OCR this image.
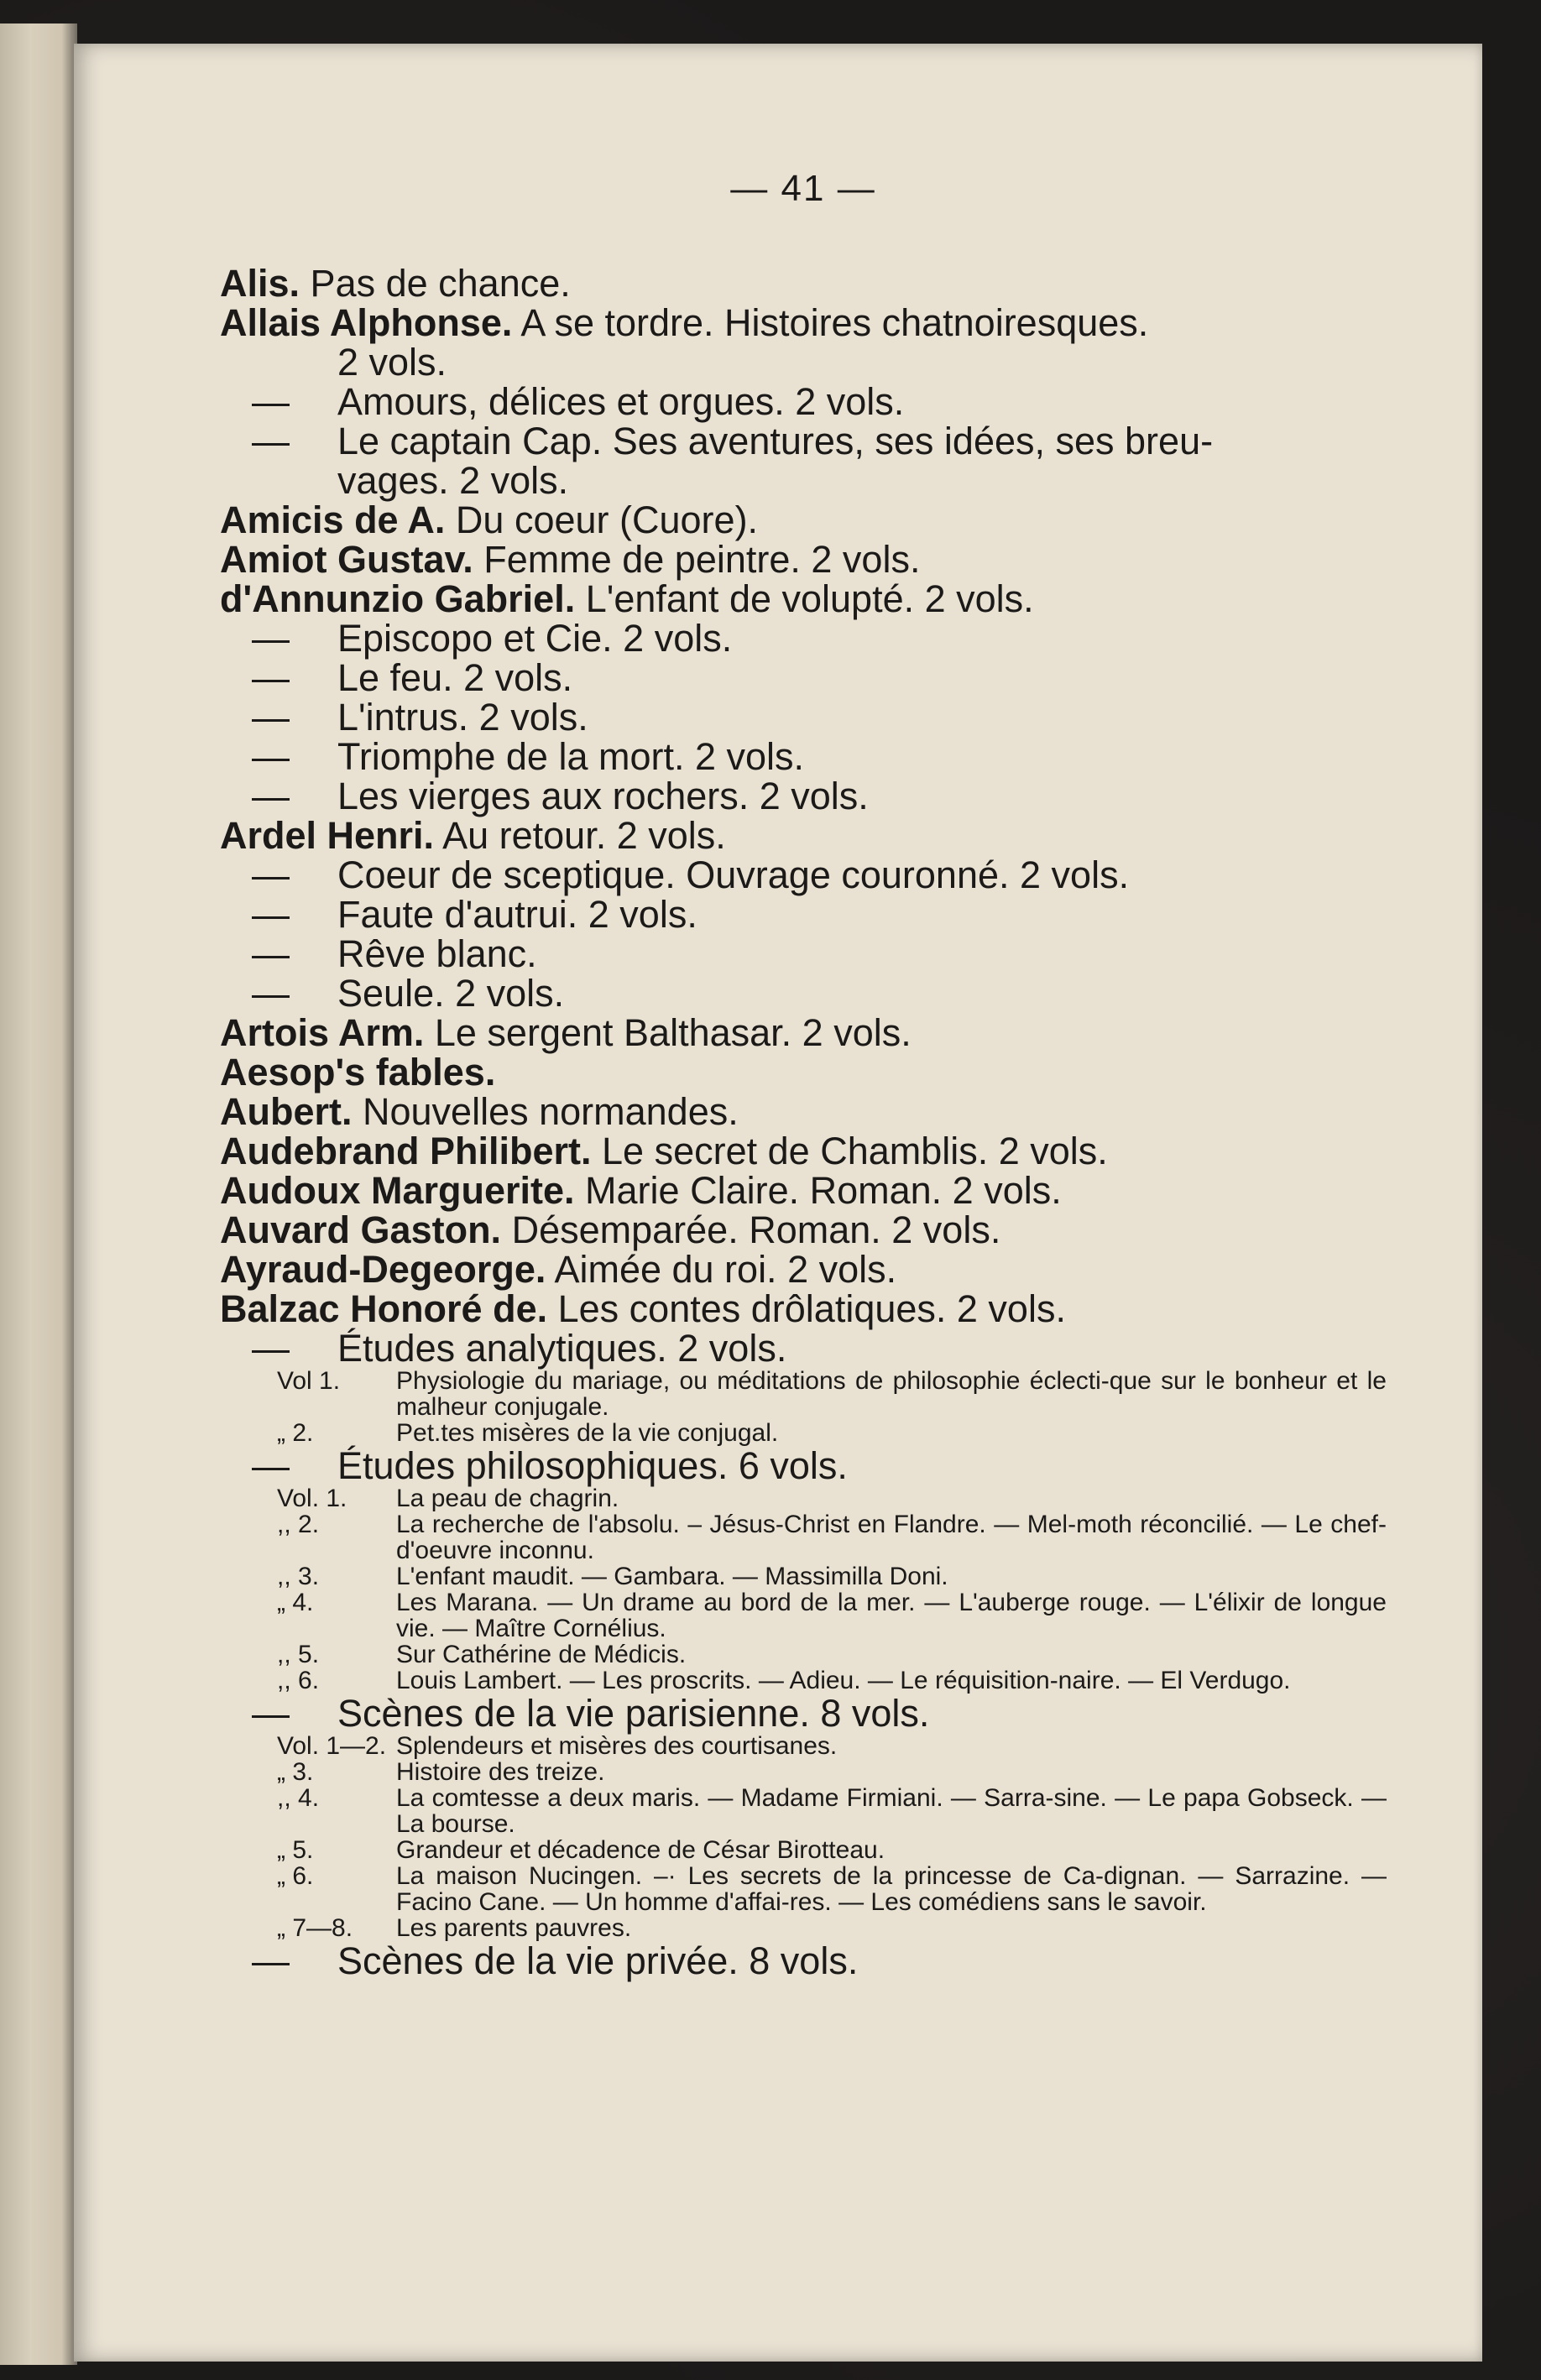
— 41 —

Alis. Pas de chance.

Allais Alphonse. A se tordre. Histoires chatnoiresques.

2 vols.

— Amours, délices et orgues. 2 vols.

— Le captain Cap. Ses aventures, ses idées, ses breu-

vages. 2 vols.

Amicis de A. Du coeur (Cuore).

Amiot Gustav. Femme de peintre. 2 vols.

d'Annunzio Gabriel. L'enfant de volupté. 2 vols.

— Episcopo et Cie. 2 vols.

— Le feu. 2 vols.

— L'intrus. 2 vols.

— Triomphe de la mort. 2 vols.

— Les vierges aux rochers. 2 vols.

Ardel Henri. Au retour. 2 vols.

— Coeur de sceptique. Ouvrage couronné. 2 vols.

— Faute d'autrui. 2 vols.

— Rêve blanc.

— Seule. 2 vols.

Artois Arm. Le sergent Balthasar. 2 vols.

Aesop's fables.

Aubert. Nouvelles normandes.

Audebrand Philibert. Le secret de Chamblis. 2 vols.

Audoux Marguerite. Marie Claire. Roman. 2 vols.

Auvard Gaston. Désemparée. Roman. 2 vols.

Ayraud-Degeorge. Aimée du roi. 2 vols.

Balzac Honoré de. Les contes drôlatiques. 2 vols.

— Études analytiques. 2 vols.

Vol 1.	Physiologie du mariage, ou méditations de philosophie éclecti-que sur le bonheur et le malheur conjugale.
„ 2.	Pet.tes misères de la vie conjugal.

— Études philosophiques. 6 vols.

Vol. 1.	La peau de chagrin.
,, 2.	La recherche de l'absolu. – Jésus-Christ en Flandre. — Mel-moth réconcilié. — Le chef-d'oeuvre inconnu.
,, 3.	L'enfant maudit. — Gambara. — Massimilla Doni.
„ 4.	Les Marana. — Un drame au bord de la mer. — L'auberge rouge. — L'élixir de longue vie. — Maître Cornélius.
,, 5.	Sur Cathérine de Médicis.
,, 6.	Louis Lambert. — Les proscrits. — Adieu. — Le réquisition-naire. — El Verdugo.

— Scènes de la vie parisienne. 8 vols.

Vol. 1—2. Splendeurs et misères des courtisanes.
„ 3.	Histoire des treize.
,, 4.	La comtesse a deux maris. — Madame Firmiani. — Sarra-sine. — Le papa Gobseck. — La bourse.
„ 5.	Grandeur et décadence de César Birotteau.
„ 6.	La maison Nucingen. –· Les secrets de la princesse de Ca-dignan. — Sarrazine. — Facino Cane. — Un homme d'affai-res. — Les comédiens sans le savoir.
„ 7—8.	Les parents pauvres.

— Scènes de la vie privée. 8 vols.
